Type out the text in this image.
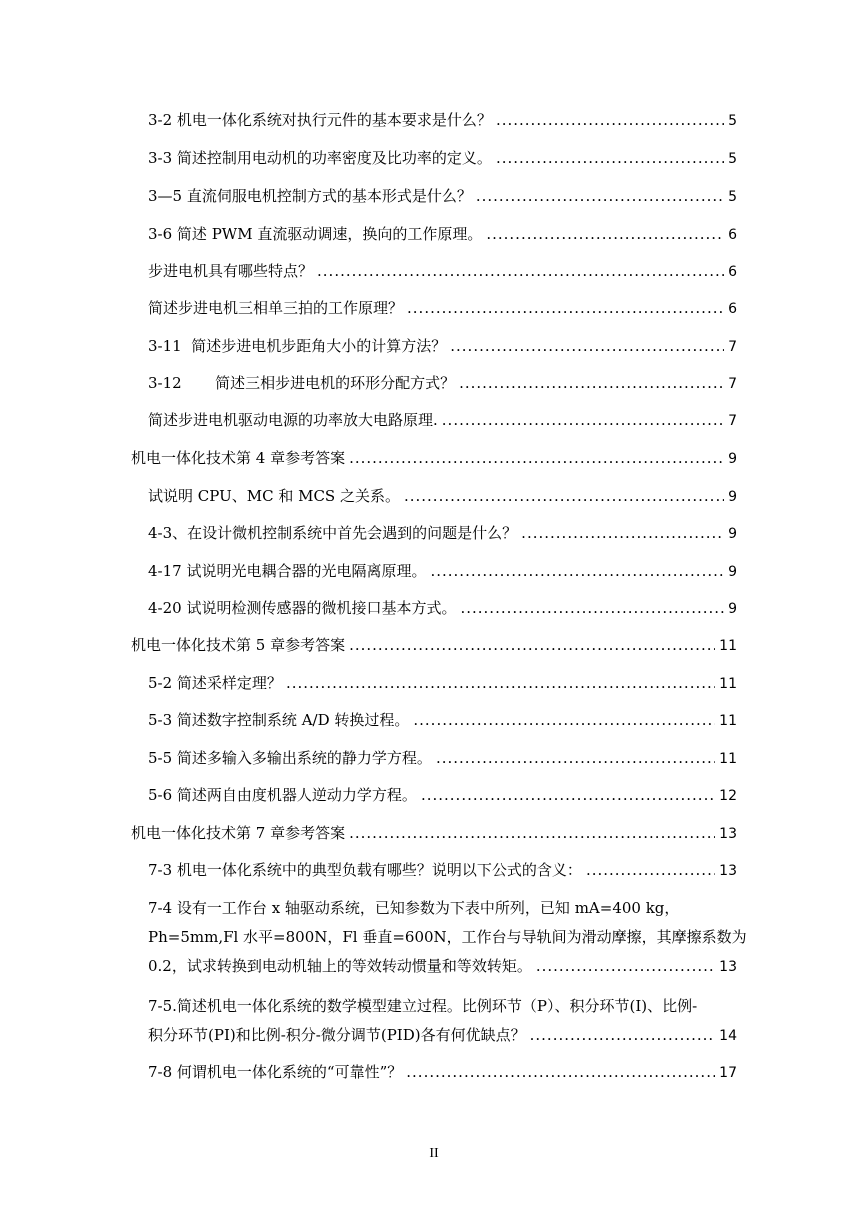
3-2 机电一体化系统对执行元件的基本要求是什么？ .....	5
3-3 简述控制用电动机的功率密度及比功率的定义。 .....	5
3—5 直流伺服电机控制方式的基本形式是什么？ .....	5
3-6 简述 PWM 直流驱动调速，换向的工作原理。 .....	6
步进电机具有哪些特点？ .....	6
简述步进电机三相单三拍的工作原理？ .....	6
3-11  简述步进电机步距角大小的计算方法？ .....	7
3-12       简述三相步进电机的环形分配方式？ .....	7
简述步进电机驱动电源的功率放大电路原理. .....	7
机电一体化技术第 4 章参考答案 .....	9
试说明 CPU、MC 和 MCS 之关系。 .....	9
4-3、在设计微机控制系统中首先会遇到的问题是什么？ .....	9
4-17 试说明光电耦合器的光电隔离原理。 .....	9
4-20 试说明检测传感器的微机接口基本方式。 .....	9
机电一体化技术第 5 章参考答案 .....	11
5-2 简述采样定理？ .....	11
5-3 简述数字控制系统 A/D 转换过程。 .....	11
5-5 简述多输入多输出系统的静力学方程。 .....	11
5-6 简述两自由度机器人逆动力学方程。 .....	12
机电一体化技术第 7 章参考答案 .....	13
7-3 机电一体化系统中的典型负载有哪些？说明以下公式的含义： .....	13
7-4 设有一工作台 x 轴驱动系统，已知参数为下表中所列，已知 mA=400 kg，
Ph=5mm,Fl 水平=800N，Fl 垂直=600N，工作台与导轨间为滑动摩擦，其摩擦系数为
0.2，试求转换到电动机轴上的等效转动惯量和等效转矩。 .....	13
7-5.简述机电一体化系统的数学模型建立过程。比例环节（P）、积分环节(I)、比例-
积分环节(PI)和比例-积分-微分调节(PID)各有何优缺点？ .....	14
7-8 何谓机电一体化系统的“可靠性”？ .....	17
II
